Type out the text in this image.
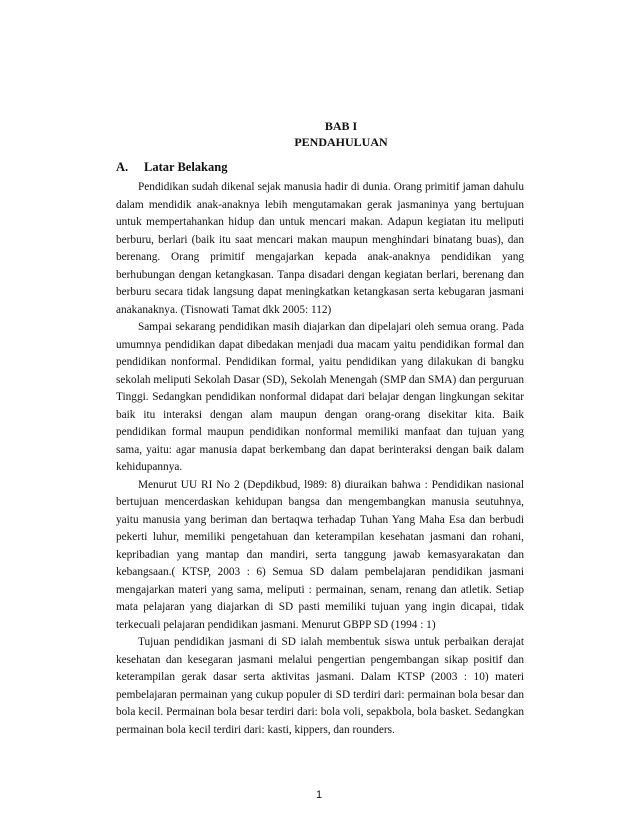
BAB I
PENDAHULUAN
A. Latar Belakang

Pendidikan sudah dikenal sejak manusia hadir di dunia. Orang primitif jaman dahulu dalam mendidik anak-anaknya lebih mengutamakan gerak jasmaninya yang bertujuan untuk mempertahankan hidup dan untuk mencari makan. Adapun kegiatan itu meliputi berburu, berlari (baik itu saat mencari makan maupun menghindari binatang buas), dan berenang. Orang primitif mengajarkan kepada anak-anaknya pendidikan yang berhubungan dengan ketangkasan. Tanpa disadari dengan kegiatan berlari, berenang dan berburu secara tidak langsung dapat meningkatkan ketangkasan serta kebugaran jasmani anakanaknya. (Tisnowati Tamat dkk 2005: 112)

Sampai sekarang pendidikan masih diajarkan dan dipelajari oleh semua orang. Pada umumnya pendidikan dapat dibedakan menjadi dua macam yaitu pendidikan formal dan pendidikan nonformal. Pendidikan formal, yaitu pendidikan yang dilakukan di bangku sekolah meliputi Sekolah Dasar (SD), Sekolah Menengah (SMP dan SMA) dan perguruan Tinggi. Sedangkan pendidikan nonformal didapat dari belajar dengan lingkungan sekitar baik itu interaksi dengan alam maupun dengan orang-orang disekitar kita. Baik pendidikan formal maupun pendidikan nonformal memiliki manfaat dan tujuan yang sama, yaitu: agar manusia dapat berkembang dan dapat berinteraksi dengan baik dalam kehidupannya.

Menurut UU RI No 2 (Depdikbud, l989: 8) diuraikan bahwa : Pendidikan nasional bertujuan mencerdaskan kehidupan bangsa dan mengembangkan manusia seutuhnya, yaitu manusia yang beriman dan bertaqwa terhadap Tuhan Yang Maha Esa dan berbudi pekerti luhur, memiliki pengetahuan dan keterampilan kesehatan jasmani dan rohani, kepribadian yang mantap dan mandiri, serta tanggung jawab kemasyarakatan dan kebangsaan.( KTSP, 2003 : 6) Semua SD dalam pembelajaran pendidikan jasmani mengajarkan materi yang sama, meliputi : permainan, senam, renang dan atletik. Setiap mata pelajaran yang diajarkan di SD pasti memiliki tujuan yang ingin dicapai, tidak terkecuali pelajaran pendidikan jasmani. Menurut GBPP SD (1994 : 1)

Tujuan pendidikan jasmani di SD ialah membentuk siswa untuk perbaikan derajat kesehatan dan kesegaran jasmani melalui pengertian pengembangan sikap positif dan keterampilan gerak dasar serta aktivitas jasmani. Dalam KTSP (2003 : 10) materi pembelajaran permainan yang cukup populer di SD terdiri dari: permainan bola besar dan bola kecil. Permainan bola besar terdiri dari: bola voli, sepakbola, bola basket. Sedangkan permainan bola kecil terdiri dari: kasti, kippers, dan rounders.

1
